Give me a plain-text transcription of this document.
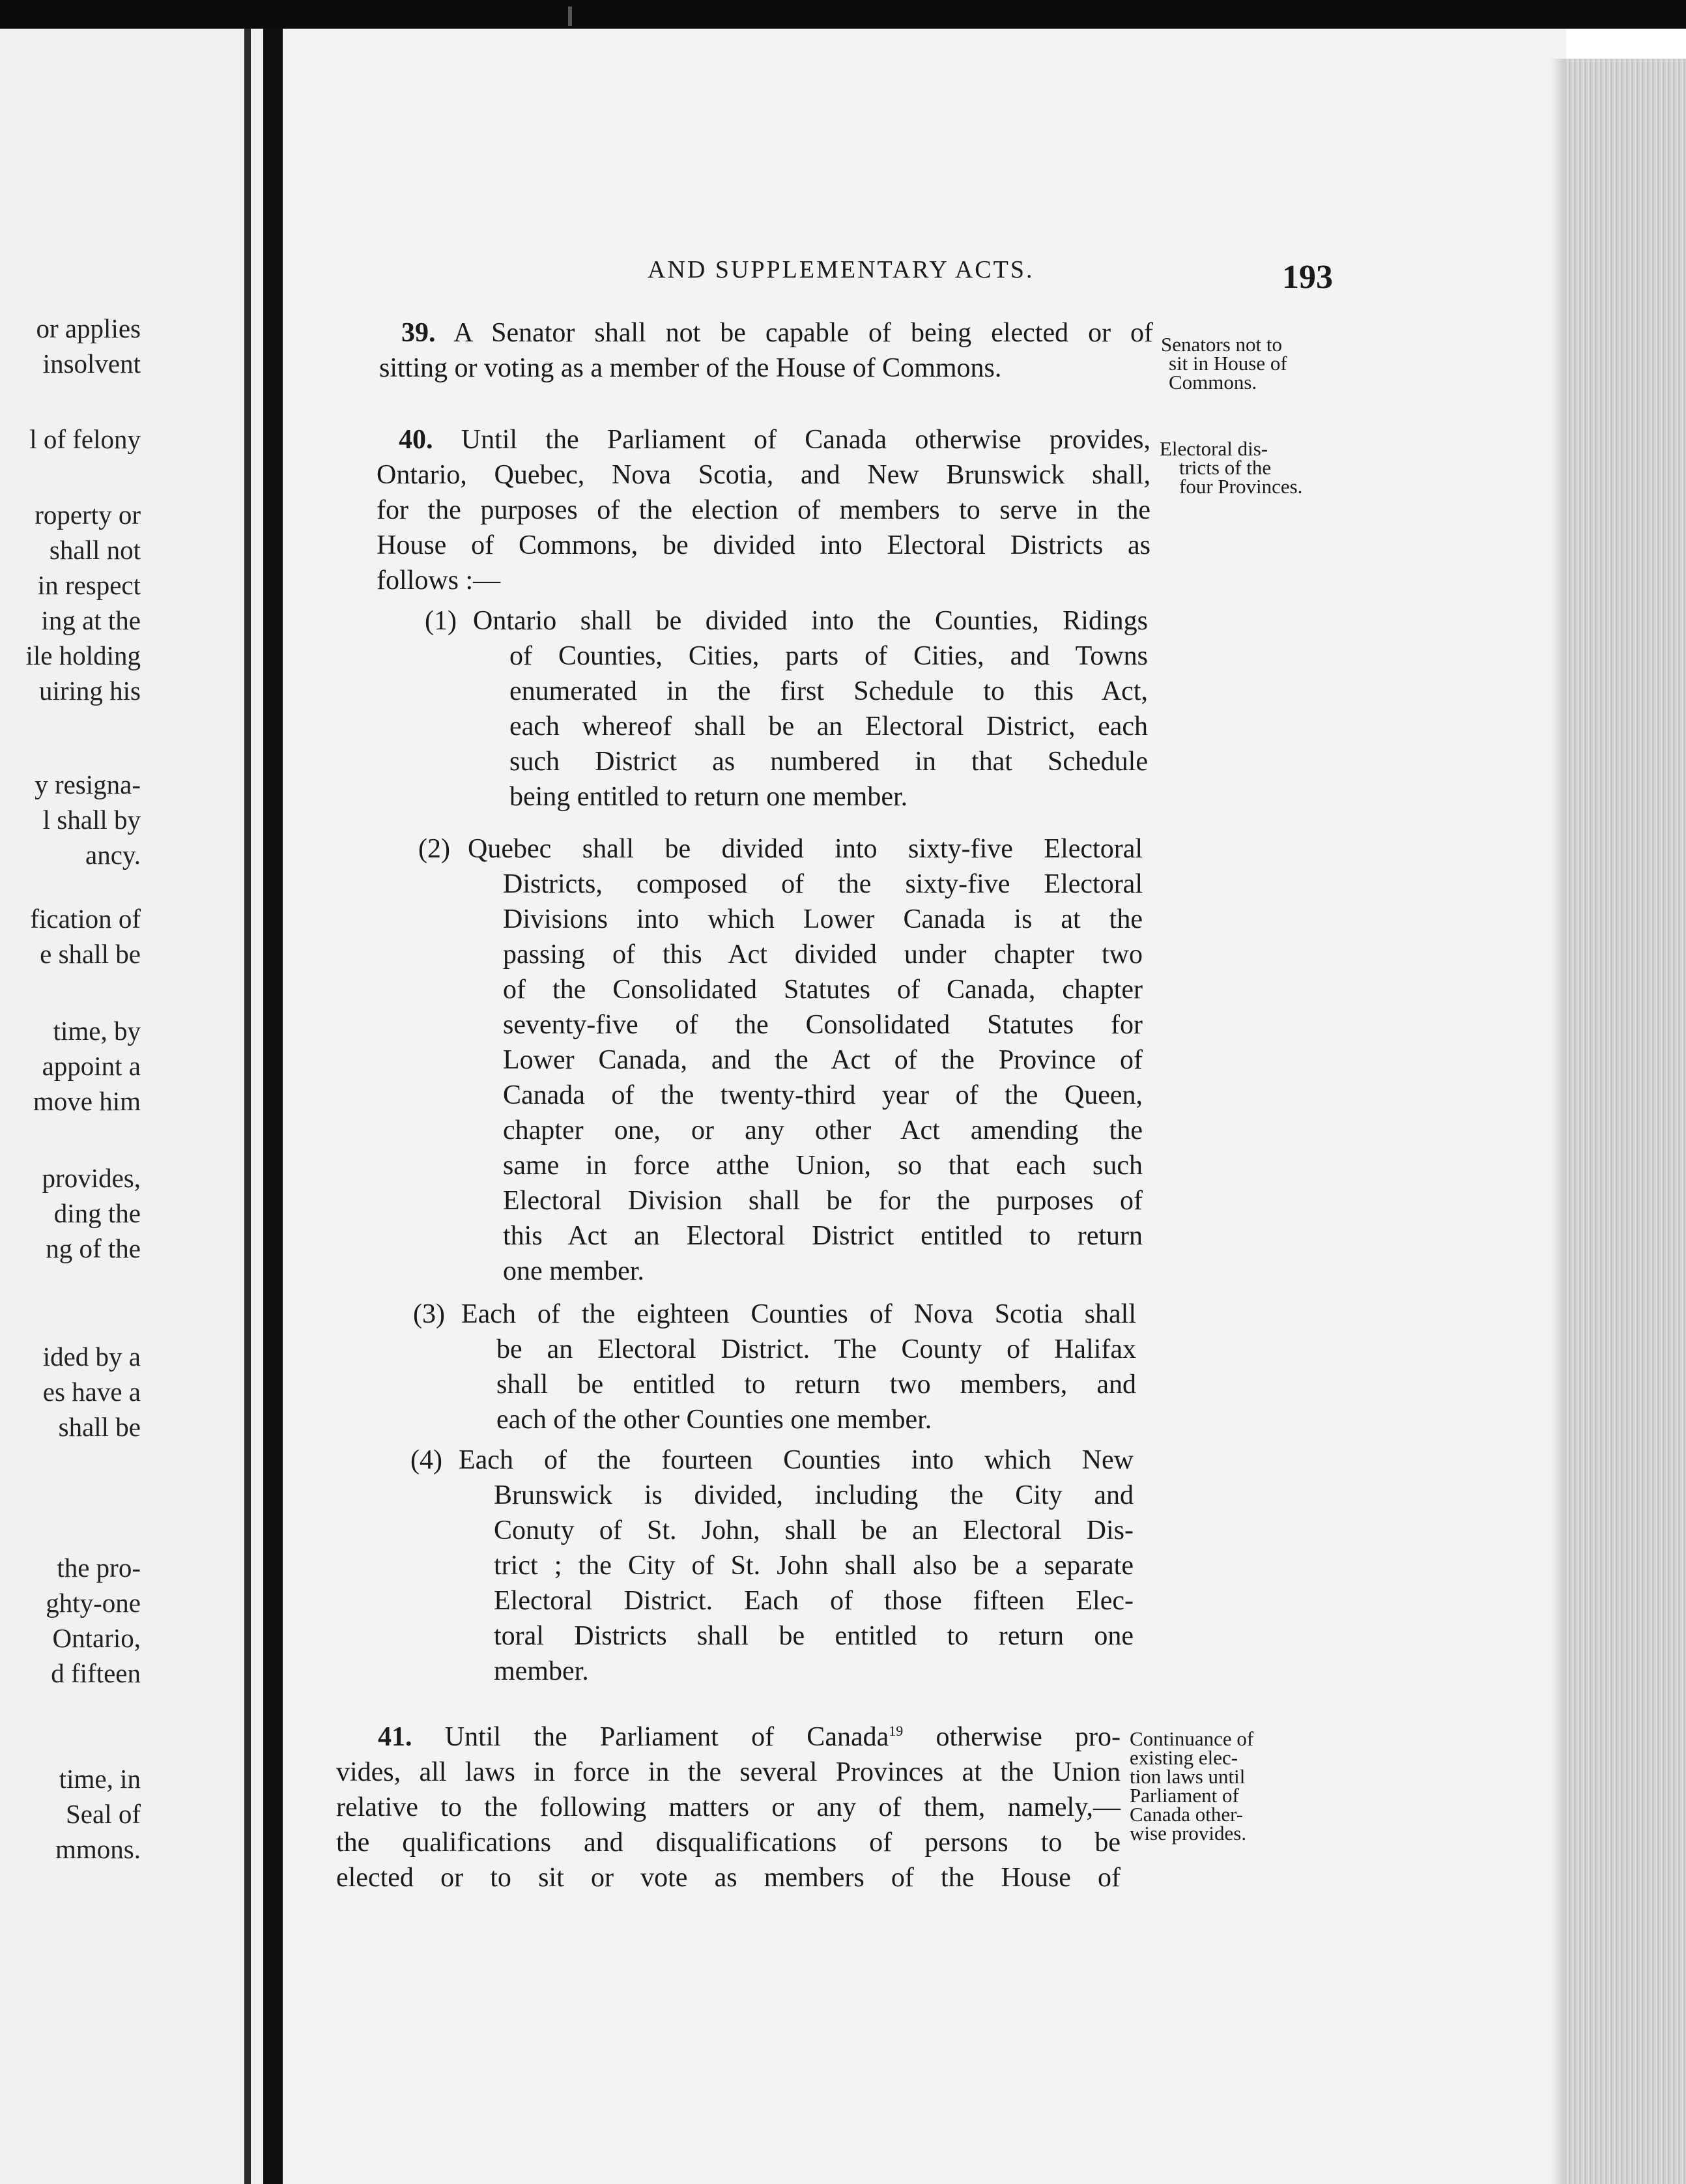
or applies
insolvent
l of felony
roperty or
shall not
in respect
ing at the
ile holding
uiring his
y resigna-
l shall by
ancy.
fication of
e shall be
time, by
appoint a
move him
provides,
ding the
ng of the
ided by a
es have a
shall be
the pro-
ghty-one
Ontario,
d fifteen
time, in
Seal of
mmons.
AND SUPPLEMENTARY ACTS.	193
39. A Senator shall not be capable of being elected or of
sitting or voting as a member of the House of Commons.
Senators not to
sit in House of
Commons.
40. Until the Parliament of Canada otherwise provides,
Ontario, Quebec, Nova Scotia, and New Brunswick shall,
for the purposes of the election of members to serve in the
House of Commons, be divided into Electoral Districts as
follows :—
Electoral dis-
tricts of the
four Provinces.
(1) Ontario shall be divided into the Counties, Ridings
of Counties, Cities, parts of Cities, and Towns
enumerated in the first Schedule to this Act,
each whereof shall be an Electoral District, each
such District as numbered in that Schedule
being entitled to return one member.
(2) Quebec shall be divided into sixty-five Electoral
Districts, composed of the sixty-five Electoral
Divisions into which Lower Canada is at the
passing of this Act divided under chapter two
of the Consolidated Statutes of Canada, chapter
seventy-five of the Consolidated Statutes for
Lower Canada, and the Act of the Province of
Canada of the twenty-third year of the Queen,
chapter one, or any other Act amending the
same in force atthe Union, so that each such
Electoral Division shall be for the purposes of
this Act an Electoral District entitled to return
one member.
(3) Each of the eighteen Counties of Nova Scotia shall
be an Electoral District. The County of Halifax
shall be entitled to return two members, and
each of the other Counties one member.
(4) Each of the fourteen Counties into which New
Brunswick is divided, including the City and
Conuty of St. John, shall be an Electoral Dis-
trict ; the City of St. John shall also be a separate
Electoral District. Each of those fifteen Elec-
toral Districts shall be entitled to return one
member.
41. Until the Parliament of Canada$^{19}$ otherwise pro-
vides, all laws in force in the several Provinces at the Union
relative to the following matters or any of them, namely,—
the qualifications and disqualifications of persons to be
elected or to sit or vote as members of the House of
Continuance of
existing elec-
tion laws until
Parliament of
Canada other-
wise provides.
